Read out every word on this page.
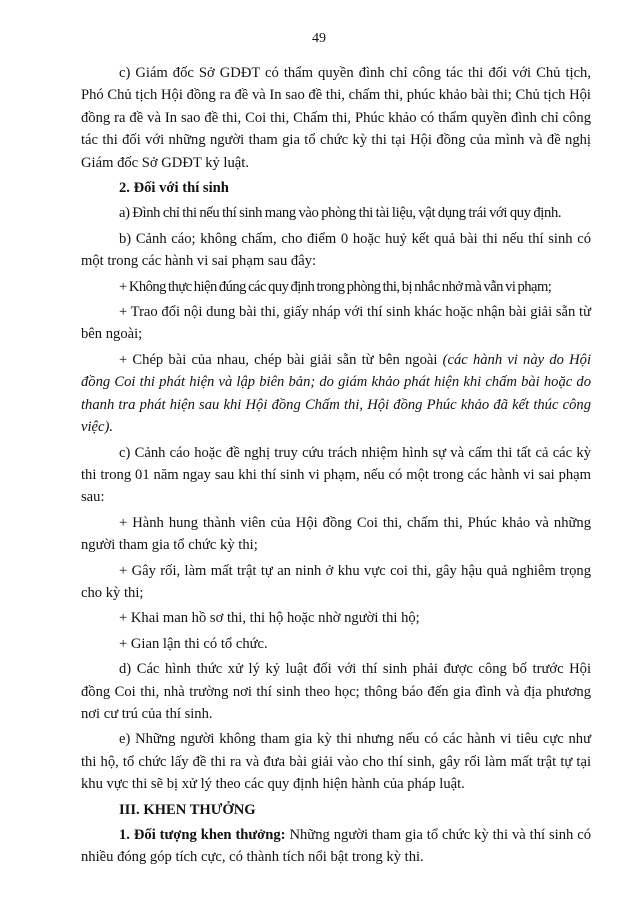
49

c) Giám đốc Sở GDĐT có thẩm quyền đình chỉ công tác thi đối với Chủ tịch, Phó Chủ tịch Hội đồng ra đề và In sao đề thi, chấm thi, phúc khảo bài thi; Chủ tịch Hội đồng ra đề và In sao đề thi, Coi thi, Chấm thi, Phúc khảo có thẩm quyền đình chỉ công tác thi đối với những người tham gia tổ chức kỳ thi tại Hội đồng của mình và đề nghị Giám đốc Sở GDĐT kỷ luật.

2. Đối với thí sinh

a) Đình chỉ thi nếu thí sinh mang vào phòng thi tài liệu, vật dụng trái với quy định.

b) Cảnh cáo; không chấm, cho điểm 0 hoặc huỷ kết quả bài thi nếu thí sinh có một trong các hành vi sai phạm sau đây:

+ Không thực hiện đúng các quy định trong phòng thi, bị nhắc nhở mà vẫn vi phạm;

+ Trao đổi nội dung bài thi, giấy nháp với thí sinh khác hoặc nhận bài giải sẵn từ bên ngoài;

+ Chép bài của nhau, chép bài giải sẵn từ bên ngoài (các hành vi này do Hội đồng Coi thi phát hiện và lập biên bản; do giám khảo phát hiện khi chấm bài hoặc do thanh tra phát hiện sau khi Hội đồng Chấm thi, Hội đồng Phúc khảo đã kết thúc công việc).

c) Cảnh cáo hoặc đề nghị truy cứu trách nhiệm hình sự và cấm thi tất cả các kỳ thi trong 01 năm ngay sau khi thí sinh vi phạm, nếu có một trong các hành vi sai phạm sau:

+ Hành hung thành viên của Hội đồng Coi thi, chấm thi, Phúc khảo và những người tham gia tổ chức kỳ thi;

+ Gây rối, làm mất trật tự an ninh ở khu vực coi thi, gây hậu quả nghiêm trọng cho kỳ thi;

+ Khai man hồ sơ thi, thi hộ hoặc nhờ người thi hộ;

+ Gian lận thi có tổ chức.

d) Các hình thức xử lý kỷ luật đối với thí sinh phải được công bố trước Hội đồng Coi thi, nhà trường nơi thí sinh theo học; thông báo đến gia đình và địa phương nơi cư trú của thí sinh.

e) Những người không tham gia kỳ thi nhưng nếu có các hành vi tiêu cực như thi hộ, tổ chức lấy đề thi ra và đưa bài giải vào cho thí sinh, gây rối làm mất trật tự tại khu vực thi sẽ bị xử lý theo các quy định hiện hành của pháp luật.

III. KHEN THƯỞNG

1. Đối tượng khen thưởng: Những người tham gia tổ chức kỳ thi và thí sinh có nhiều đóng góp tích cực, có thành tích nổi bật trong kỳ thi.
